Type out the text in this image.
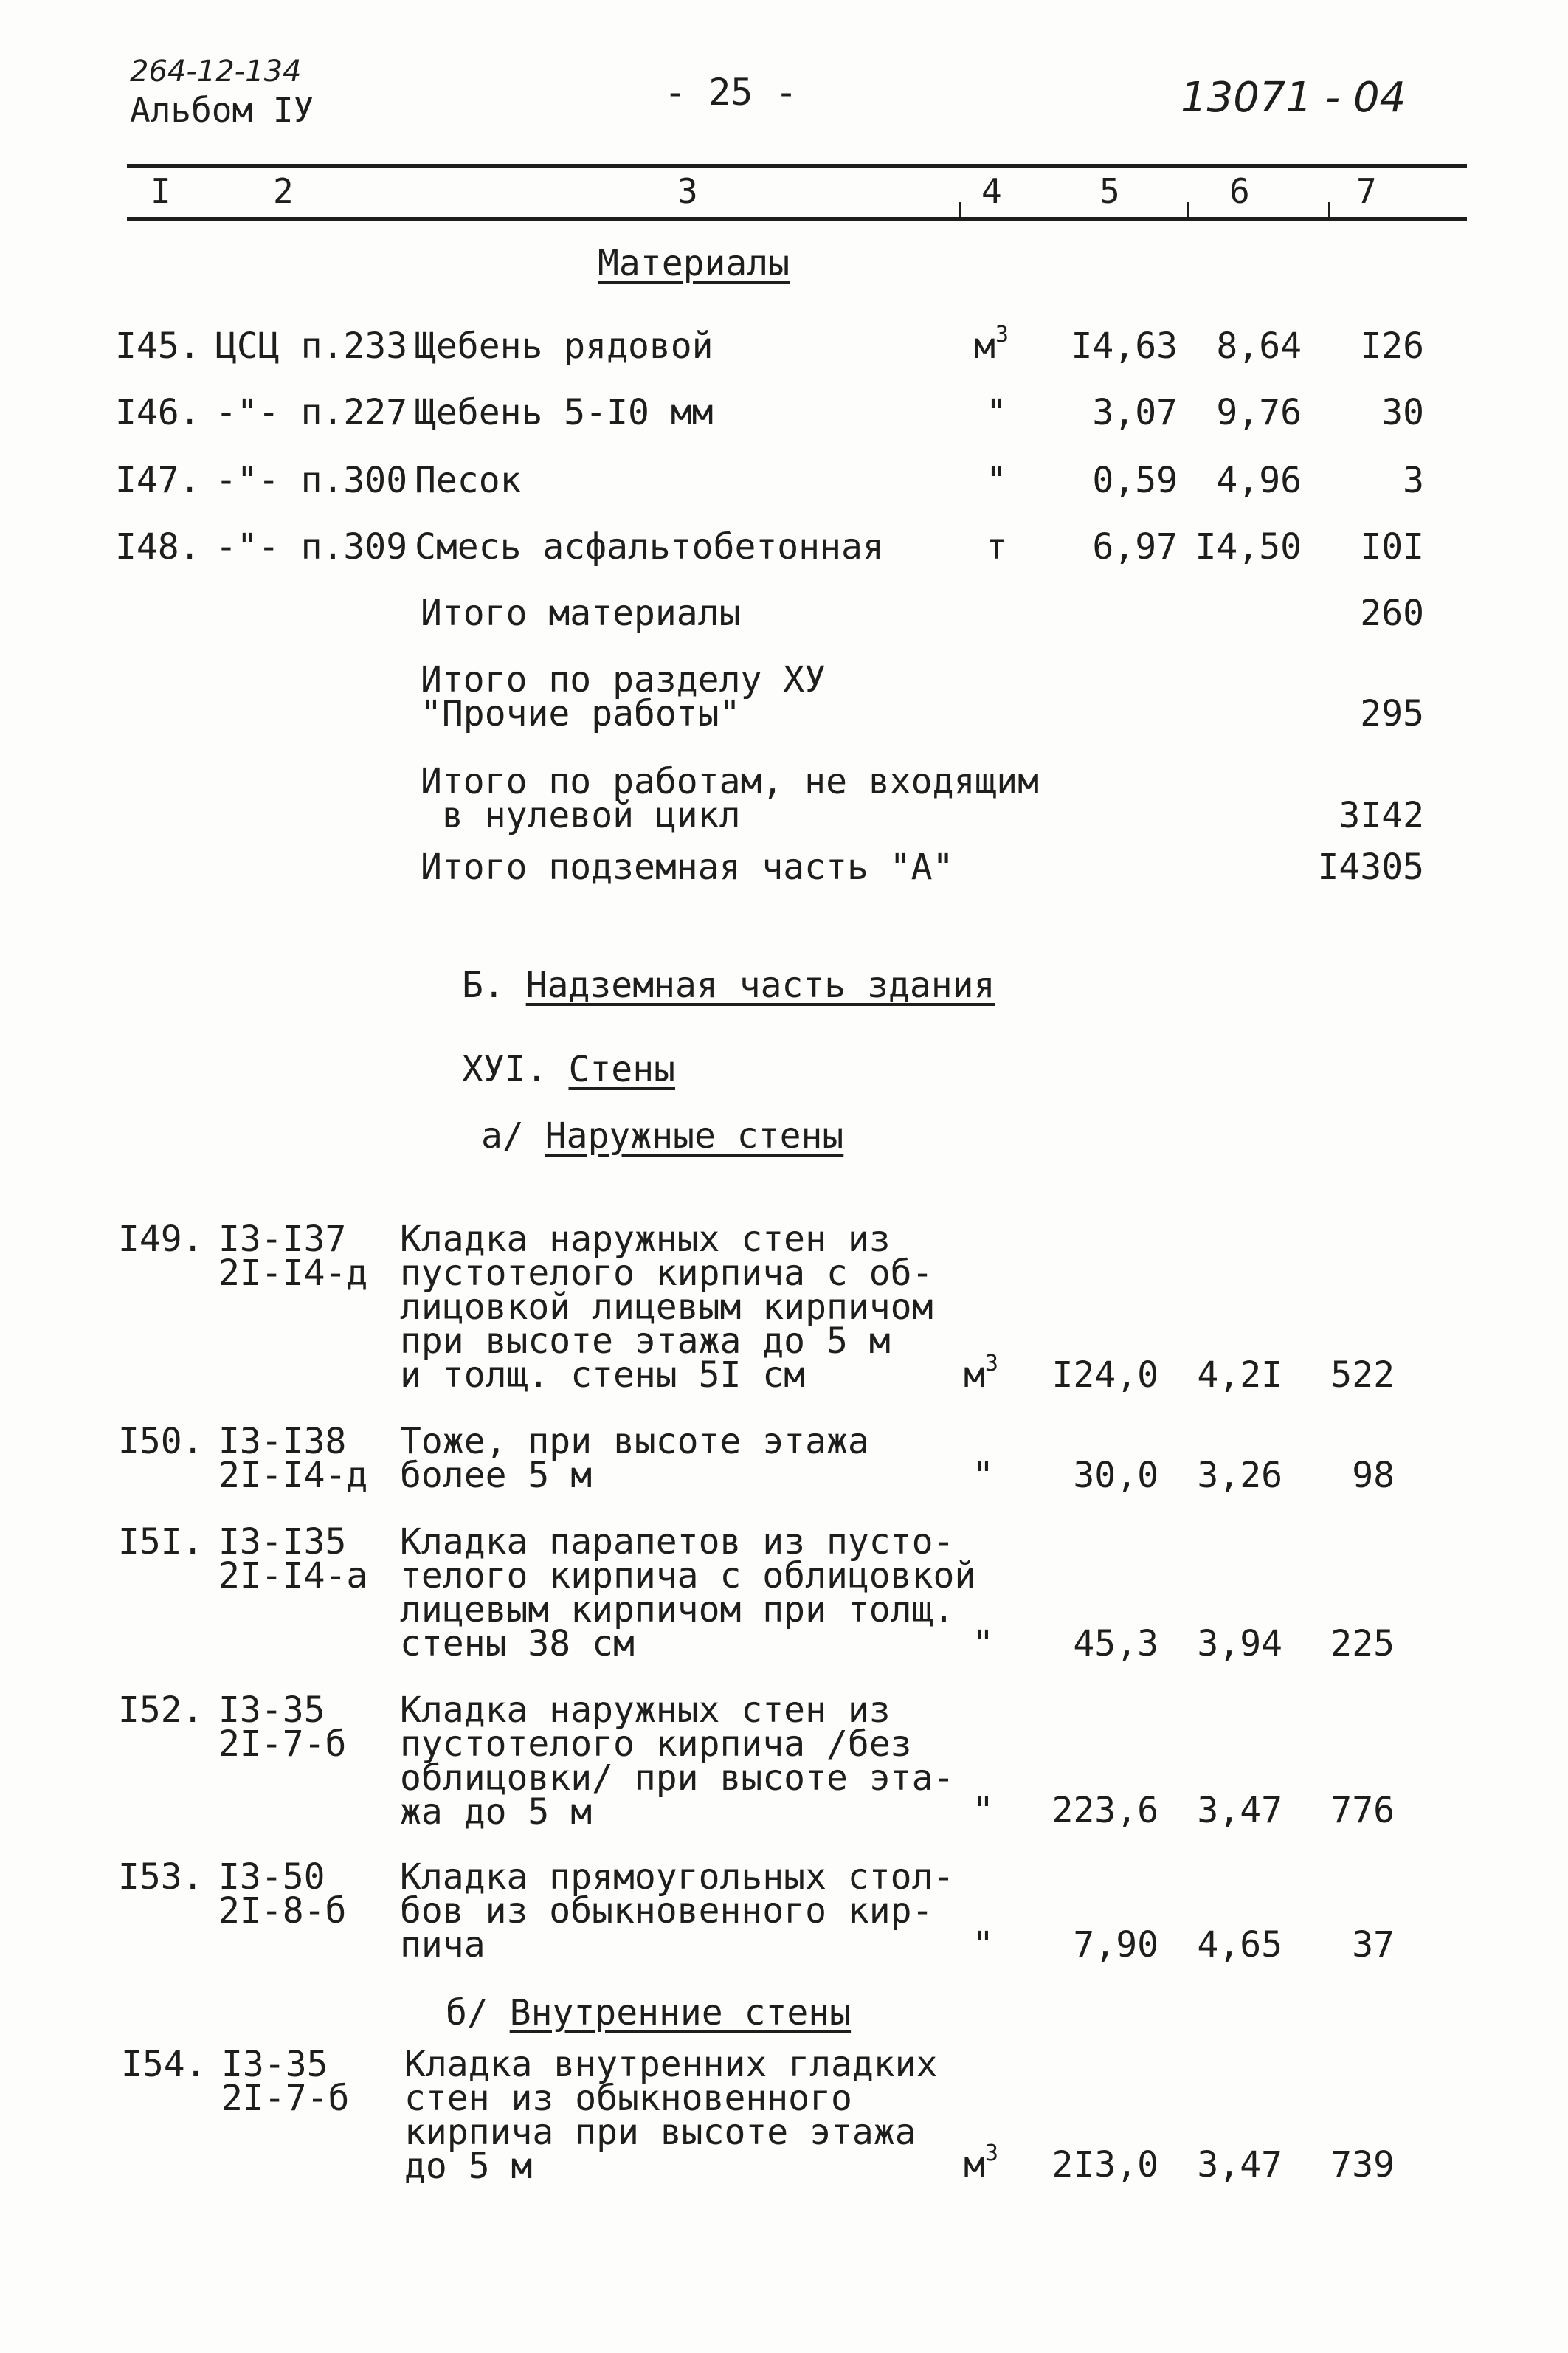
264-12-134
Альбом IУ	- 25 -	13071 - 04
I	2	3	4	5	6	7
Материалы
I45. ЦСЦ п.233 Щебень рядовой	$м^3$	I4,63	8,64	I26
I46. -"- п.227 Щебень 5-I0 мм	"	3,07	9,76	30
I47. -"- п.300 Песок	"	0,59	4,96	3
I48. -"- п.309 Смесь асфальтобетонная	т	6,97 I4,50	I0I
Итого материалы	260
Итого по разделу ХУ
"Прочие работы"	295
Итого по работам, не входящим
в нулевой цикл	3I42
Итого подземная часть "А"	I4305
Б. Надземная часть здания
ХУI. Стены
а/ Наружные стены
I49. I3-I37
2I-I4-д
Кладка наружных стен из
пустотелого кирпича с об-
лицовкой лицевым кирпичом
при высоте этажа до 5 м
и толщ. стены 5I см	$м^3$	I24,0	4,2I	522
I50. I3-I38
2I-I4-д
Тоже, при высоте этажа
более 5 м	"	30,0	3,26	98
I5I. I3-I35
2I-I4-а
Кладка парапетов из пусто-
телого кирпича с облицовкой
лицевым кирпичом при толщ.
стены 38 см	"	45,3	3,94	225
I52. I3-35
2I-7-б
Кладка наружных стен из
пустотелого кирпича /без
облицовки/ при высоте эта-
жа до 5 м	"	223,6	3,47	776
I53. I3-50
2I-8-б
Кладка прямоугольных стол-
бов из обыкновенного кир-
пича	"	7,90	4,65	37
б/ Внутренние стены
I54. I3-35
2I-7-б
Кладка внутренних гладких
стен из обыкновенного
кирпича при высоте этажа
до 5 м	$м^3$	2I3,0	3,47	739
